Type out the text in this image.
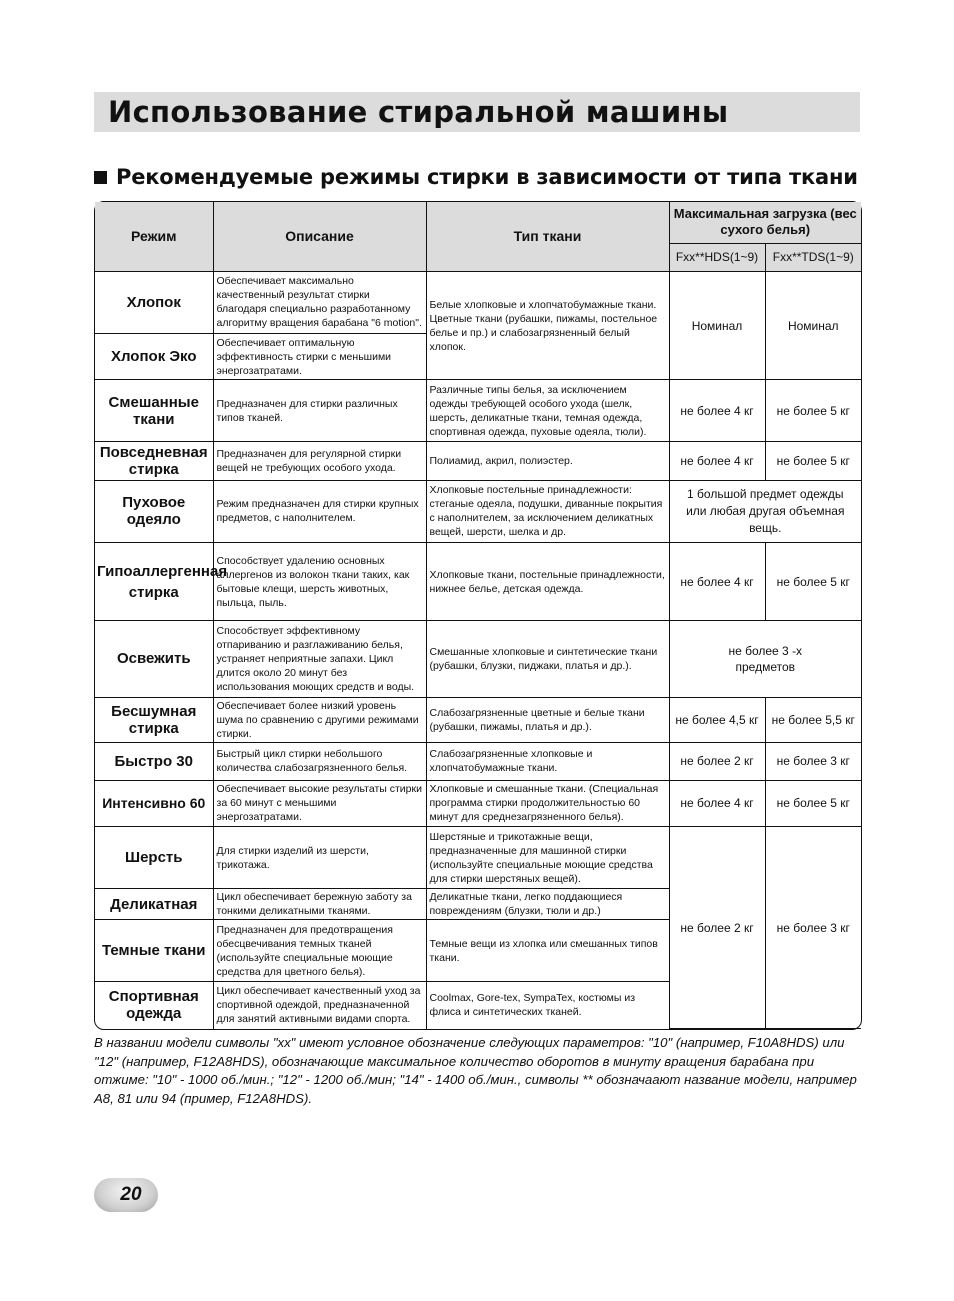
Использование стиральной машины
Рекомендуемые режимы стирки в зависимости от типа ткани
Режим	Описание	Тип ткани	Максимальная загрузка (вес сухого белья)	
			Fxx**HDS(1~9)	Fxx**TDS(1~9)
Хлопок	Обеспечивает максимально качественный результат стирки благодаря специально разработанному алгоритму вращения барабана "6 motion".	Белые хлопковые и хлопчатобумажные ткани. Цветные ткани (рубашки, пижамы, постельное белье и пр.) и слабозагрязненный белый хлопок.	Номинал	Номинал
Хлопок Эко	Обеспечивает оптимальную эффективность стирки с меньшими энергозатратами.			
Смешанные ткани	Предназначен для стирки различных типов тканей.	Различные типы белья, за исключением одежды требующей особого ухода (шелк, шерсть, деликатные ткани, темная одежда, спортивная одежда, пуховые одеяла, тюли).	не более 4 кг	не более 5 кг
Повседневная стирка	Предназначен для регулярной стирки вещей не требующих особого ухода.	Полиамид, акрил, полиэстер.	не более 4 кг	не более 5 кг
Пуховое одеяло	Режим предназначен для стирки крупных предметов, с наполнителем.	Хлопковые постельные принадлежности: стеганые одеяла, подушки, диванные покрытия с наполнителем, за исключением деликатных вещей, шерсти, шелка и др.	1 большой предмет одежды или любая другая объемная вещь.	
Гипоаллергенная стирка	Способствует удалению основных аллергенов из волокон ткани таких, как бытовые клещи, шерсть животных, пыльца, пыль.	Хлопковые ткани, постельные принадлежности, нижнее белье, детская одежда.	не более 4 кг	не более 5 кг
Освежить	Способствует эффективному отпариванию и разглаживанию белья, устраняет неприятные запахи. Цикл длится около 20 минут без использования моющих средств и воды.	Смешанные хлопковые и синтетические ткани (рубашки, блузки, пиджаки, платья и др.).	не более 3 -х предметов	
Бесшумная стирка	Обеспечивает более низкий уровень шума по сравнению с другими режимами стирки.	Слабозагрязненные цветные и белые ткани (рубашки, пижамы, платья и др.).	не более 4,5 кг	не более 5,5 кг
Быстро 30	Быстрый цикл стирки небольшого количества слабозагрязненного белья.	Слабозагрязненные хлопковые и хлопчатобумажные ткани.	не более 2 кг	не более 3 кг
Интенсивно 60	Обеспечивает высокие результаты стирки за 60 минут с меньшими энергозатратами.	Хлопковые и смешанные ткани. (Специальная программа стирки продолжительностью 60 минут для среднезагрязненного белья).	не более 4 кг	не более 5 кг
Шерсть	Для стирки изделий из шерсти, трикотажа.	Шерстяные и трикотажные вещи, предназначенные для машинной стирки (используйте специальные моющие средства для стирки шерстяных вещей).	не более 2 кг	не более 3 кг
Деликатная	Цикл обеспечивает бережную заботу за тонкими деликатными тканями.	Деликатные ткани, легко поддающиеся повреждениям (блузки, тюли и др.)		
Темные ткани	Предназначен для предотвращения обесцвечивания темных тканей (используйте специальные моющие средства для цветного белья).	Темные вещи из хлопка или смешанных типов ткани.		
Спортивная одежда	Цикл обеспечивает качественный уход за спортивной одеждой, предназначенной для занятий активными видами спорта.	Coolmax, Gore-tex, SympaTex, костюмы из флиса и синтетических тканей.		
В названии модели символы "xx" имеют условное обозначение следующих параметров: "10" (например, F10A8HDS) или "12" (например, F12A8HDS), обозначающие максимальное количество оборотов в минуту вращения барабана при отжиме: "10" - 1000 об./мин.; "12" - 1200 об./мин; "14" - 1400 об./мин., символы ** обозначаают название модели, например A8, 81 или 94 (пример, F12A8HDS).
20
